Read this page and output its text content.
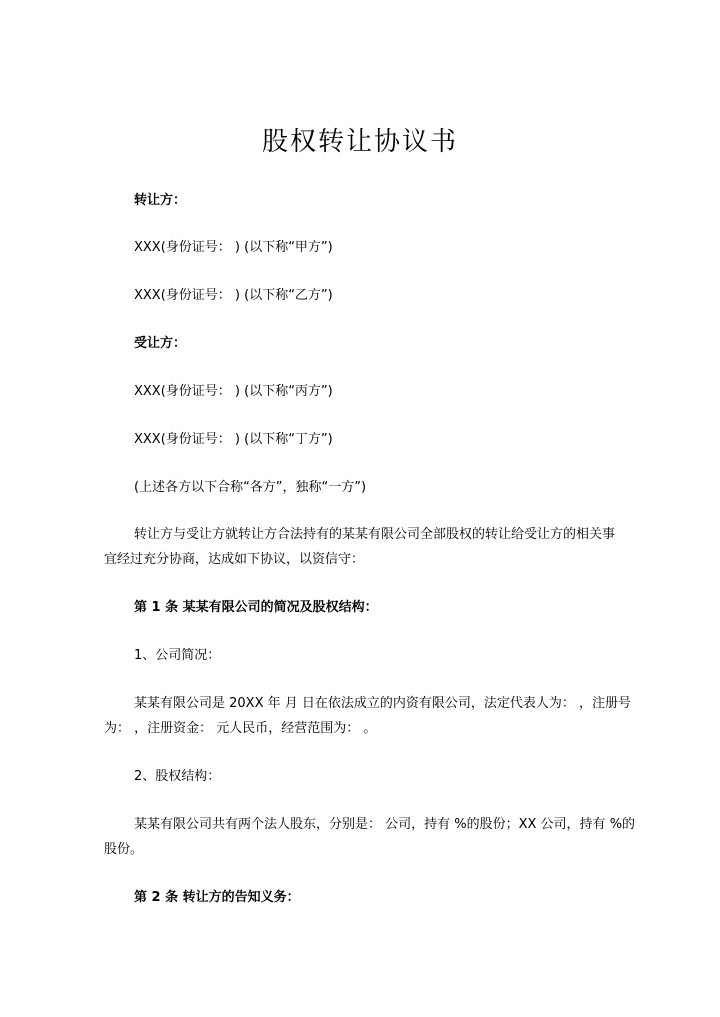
股权转让协议书
转让方：
XXX(身份证号： ) (以下称“甲方”)
XXX(身份证号： ) (以下称“乙方”)
受让方：
XXX(身份证号： ) (以下称“丙方”)
XXX(身份证号： ) (以下称“丁方”)
(上述各方以下合称“各方”，独称“一方”)
转让方与受让方就转让方合法持有的某某有限公司全部股权的转让给受让方的相关事
宜经过充分协商，达成如下协议，以资信守：
第 1 条 某某有限公司的简况及股权结构：
1、公司简况：
某某有限公司是 20XX 年 月 日在依法成立的内资有限公司，法定代表人为： ，注册号
为： ，注册资金： 元人民币，经营范围为： 。
2、股权结构：
某某有限公司共有两个法人股东，分别是： 公司，持有 %的股份；XX 公司，持有 %的
股份。
第 2 条 转让方的告知义务：
